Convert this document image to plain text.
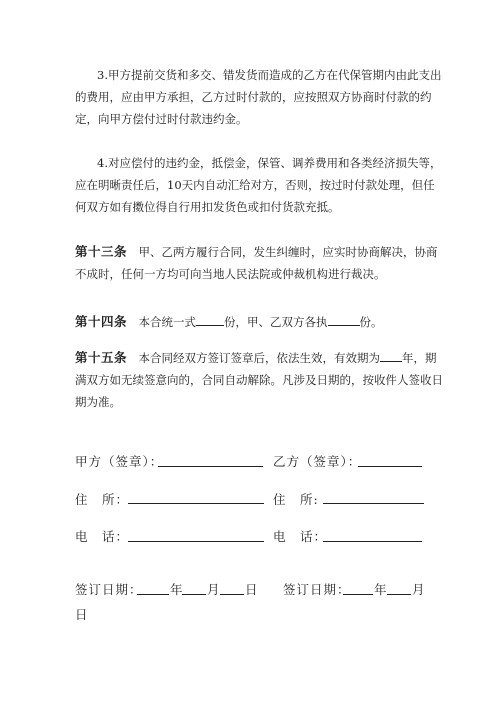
3.甲方提前交货和多交、错发货而造成的乙方在代保管期内由此支出的费用，应由甲方承担，乙方过时付款的，应按照双方协商时付款的约定，向甲方偿付过时付款违约金。

4.对应偿付的违约金，抵偿金，保管、调养费用和各类经济损失等，应在明晰责任后，10天内自动汇给对方，否则，按过时付款处理，但任何双方如有擞位得自行用扣发货色或扣付货款充抵。

第十三条　 甲、乙两方履行合同，发生纠缠时，应实时协商解决，协商不成时，任何一方均可向当地人民法院或仲裁机构进行裁决。

第十四条　 本合统一式 份，甲、乙双方各执	份。

第十五条　 本合同经双方签订签章后，依法生效，有效期为 年，期满双方如无续签意向的，合同自动解除。凡涉及日期的，按收件人签收日期为准。

甲方（签章）：	乙方（签章）：
住　所：	住　所:
电　话：	电　话：
签订日期： 年 月 日 签订日期： 年 月
日
